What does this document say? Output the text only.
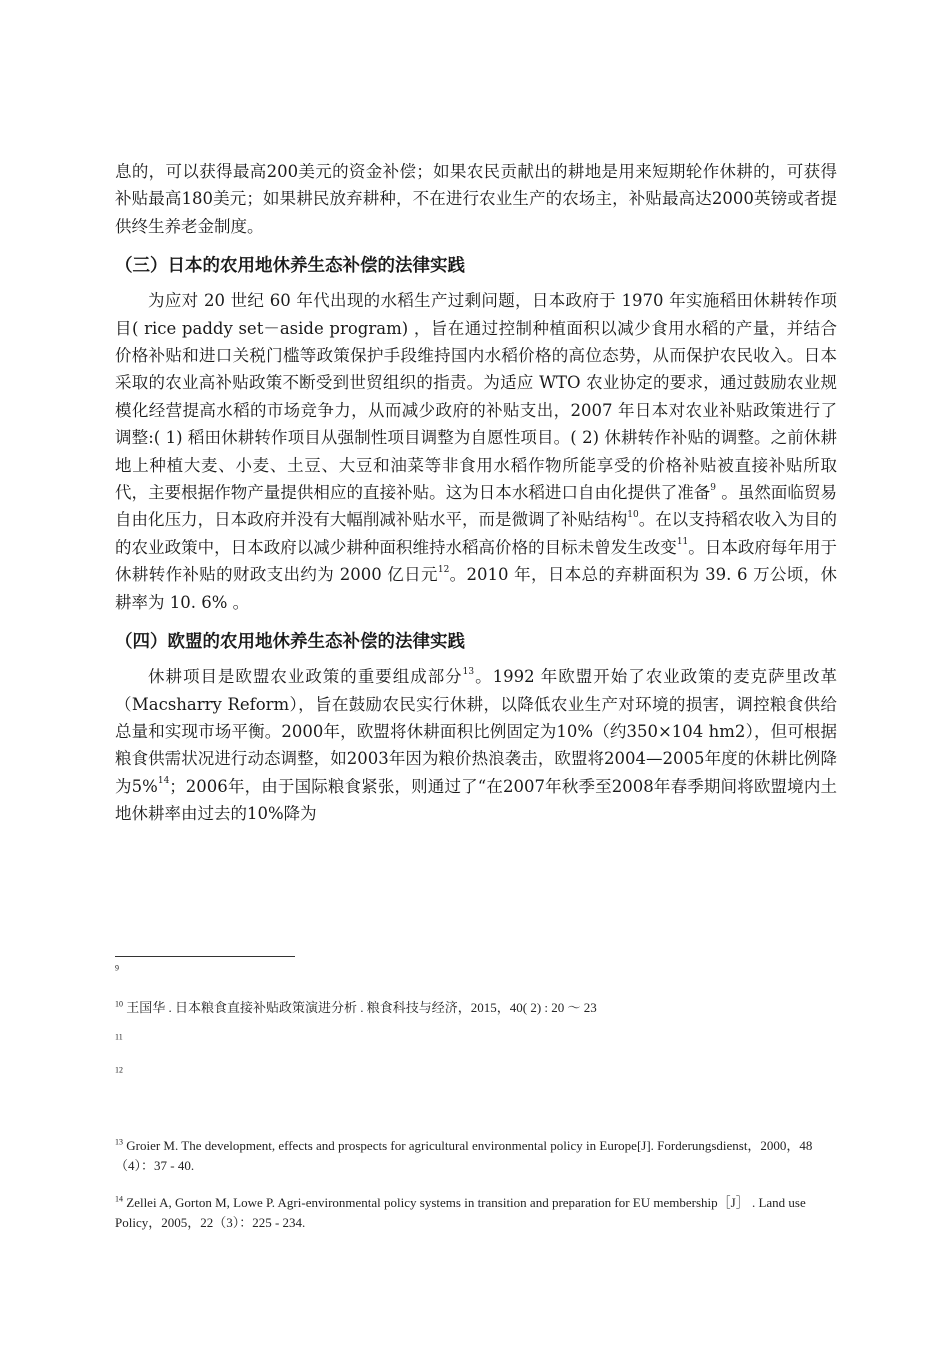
息的，可以获得最高200美元的资金补偿；如果农民贡献出的耕地是用来短期轮作休耕的，可获得补贴最高180美元；如果耕民放弃耕种，不在进行农业生产的农场主，补贴最高达2000英镑或者提供终生养老金制度。

（三）日本的农用地休养生态补偿的法律实践

为应对 20 世纪 60 年代出现的水稻生产过剩问题，日本政府于 1970 年实施稻田休耕转作项目( rice paddy set－aside program) ，旨在通过控制种植面积以减少食用水稻的产量，并结合价格补贴和进口关税门槛等政策保护手段维持国内水稻价格的高位态势，从而保护农民收入。日本采取的农业高补贴政策不断受到世贸组织的指责。为适应 WTO 农业协定的要求，通过鼓励农业规模化经营提高水稻的市场竞争力，从而减少政府的补贴支出，2007 年日本对农业补贴政策进行了调整:( 1) 稻田休耕转作项目从强制性项目调整为自愿性项目。( 2) 休耕转作补贴的调整。之前休耕地上种植大麦、小麦、土豆、大豆和油菜等非食用水稻作物所能享受的价格补贴被直接补贴所取代，主要根据作物产量提供相应的直接补贴。这为日本水稻进口自由化提供了准备$^9$ 。虽然面临贸易自由化压力，日本政府并没有大幅削减补贴水平，而是微调了补贴结构$^{10}$。在以支持稻农收入为目的的农业政策中，日本政府以减少耕种面积维持水稻高价格的目标未曾发生改变$^{11}$。日本政府每年用于休耕转作补贴的财政支出约为 2000 亿日元$^{12}$。2010 年，日本总的弃耕面积为 39. 6 万公顷，休耕率为 10. 6% 。

（四）欧盟的农用地休养生态补偿的法律实践

休耕项目是欧盟农业政策的重要组成部分$^{13}$。1992 年欧盟开始了农业政策的麦克萨里改革（Macsharry Reform），旨在鼓励农民实行休耕，以降低农业生产对环境的损害，调控粮食供给总量和实现市场平衡。2000年，欧盟将休耕面积比例固定为10%（约350×104 hm2），但可根据粮食供需状况进行动态调整，如2003年因为粮价热浪袭击，欧盟将2004—2005年度的休耕比例降为5%$^{14}$；2006年，由于国际粮食紧张，则通过了“在2007年秋季至2008年春季期间将欧盟境内土地休耕率由过去的10%降为

$^9$
$^{10}$ 王国华 . 日本粮食直接补贴政策演进分析 . 粮食科技与经济，2015，40( 2) : 20 ～ 23
$^{11}$
$^{12}$
$^{13}$ Groier M. The development, effects and prospects for agricultural environmental policy in Europe[J]. Forderungsdienst，2000，48（4）：37 - 40.
$^{14}$ Zellei A, Gorton M, Lowe P. Agri-environmental policy systems in transition and preparation for EU membership［J］ . Land use Policy，2005，22（3）：225 - 234.
